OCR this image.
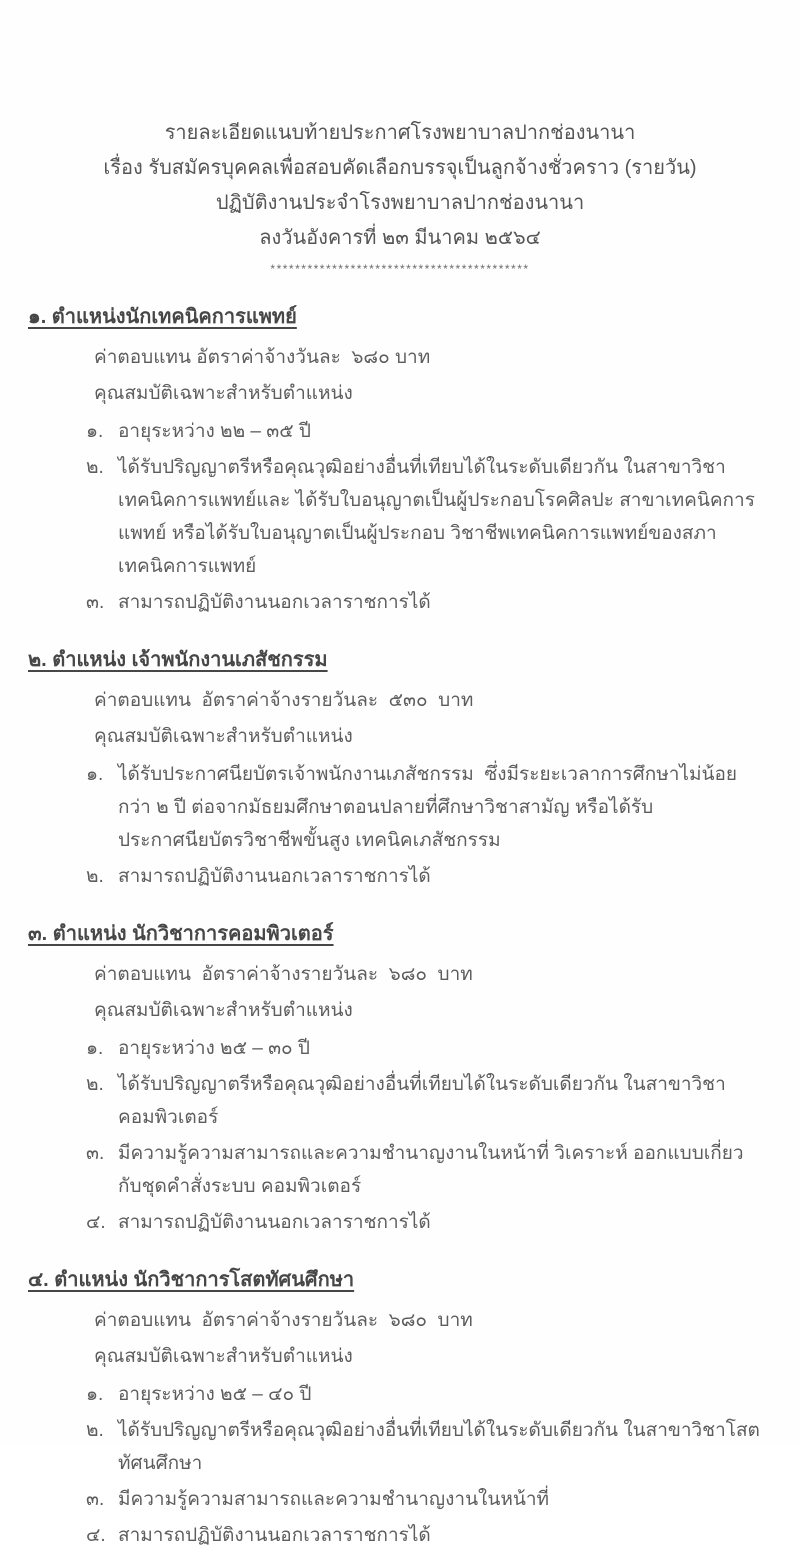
รายละเอียดแนบท้ายประกาศโรงพยาบาลปากช่องนานา
เรื่อง รับสมัครบุคคลเพื่อสอบคัดเลือกบรรจุเป็นลูกจ้างชั่วคราว (รายวัน)
ปฏิบัติงานประจำโรงพยาบาลปากช่องนานา
ลงวันอังคารที่ ๒๓ มีนาคม ๒๕๖๔
******************************************
๑. ตำแหน่งนักเทคนิคการแพทย์
ค่าตอบแทน อัตราค่าจ้างวันละ  ๖๘๐ บาท
คุณสมบัติเฉพาะสำหรับตำแหน่ง
๑. อายุระหว่าง ๒๒ – ๓๕ ปี
๒. ได้รับปริญญาตรีหรือคุณวุฒิอย่างอื่นที่เทียบได้ในระดับเดียวกัน ในสาขาวิชาเทคนิคการแพทย์และ ได้รับใบอนุญาตเป็นผู้ประกอบโรคศิลปะ สาขาเทคนิคการแพทย์ หรือได้รับใบอนุญาตเป็นผู้ประกอบ วิชาชีพเทคนิคการแพทย์ของสภาเทคนิคการแพทย์
๓. สามารถปฏิบัติงานนอกเวลาราชการได้
๒. ตำแหน่ง เจ้าพนักงานเภสัชกรรม
ค่าตอบแทน  อัตราค่าจ้างรายวันละ  ๕๓๐  บาท
คุณสมบัติเฉพาะสำหรับตำแหน่ง
๑. ได้รับประกาศนียบัตรเจ้าพนักงานเภสัชกรรม  ซึ่งมีระยะเวลาการศึกษาไม่น้อยกว่า ๒ ปี ต่อจากมัธยมศึกษาตอนปลายที่ศึกษาวิชาสามัญ หรือได้รับประกาศนียบัตรวิชาชีพขั้นสูง เทคนิคเภสัชกรรม
๒. สามารถปฏิบัติงานนอกเวลาราชการได้
๓. ตำแหน่ง นักวิชาการคอมพิวเตอร์
ค่าตอบแทน  อัตราค่าจ้างรายวันละ  ๖๘๐  บาท
คุณสมบัติเฉพาะสำหรับตำแหน่ง
๑. อายุระหว่าง ๒๕ – ๓๐ ปี
๒. ได้รับปริญญาตรีหรือคุณวุฒิอย่างอื่นที่เทียบได้ในระดับเดียวกัน ในสาขาวิชาคอมพิวเตอร์
๓. มีความรู้ความสามารถและความชำนาญงานในหน้าที่ วิเคราะห์ ออกแบบเกี่ยวกับชุดคำสั่งระบบ คอมพิวเตอร์
๔. สามารถปฏิบัติงานนอกเวลาราชการได้
๔. ตำแหน่ง นักวิชาการโสตทัศนศึกษา
ค่าตอบแทน  อัตราค่าจ้างรายวันละ  ๖๘๐  บาท
คุณสมบัติเฉพาะสำหรับตำแหน่ง
๑. อายุระหว่าง ๒๕ – ๔๐ ปี
๒. ได้รับปริญญาตรีหรือคุณวุฒิอย่างอื่นที่เทียบได้ในระดับเดียวกัน ในสาขาวิชาโสตทัศนศึกษา
๓. มีความรู้ความสามารถและความชำนาญงานในหน้าที่
๔. สามารถปฏิบัติงานนอกเวลาราชการได้
